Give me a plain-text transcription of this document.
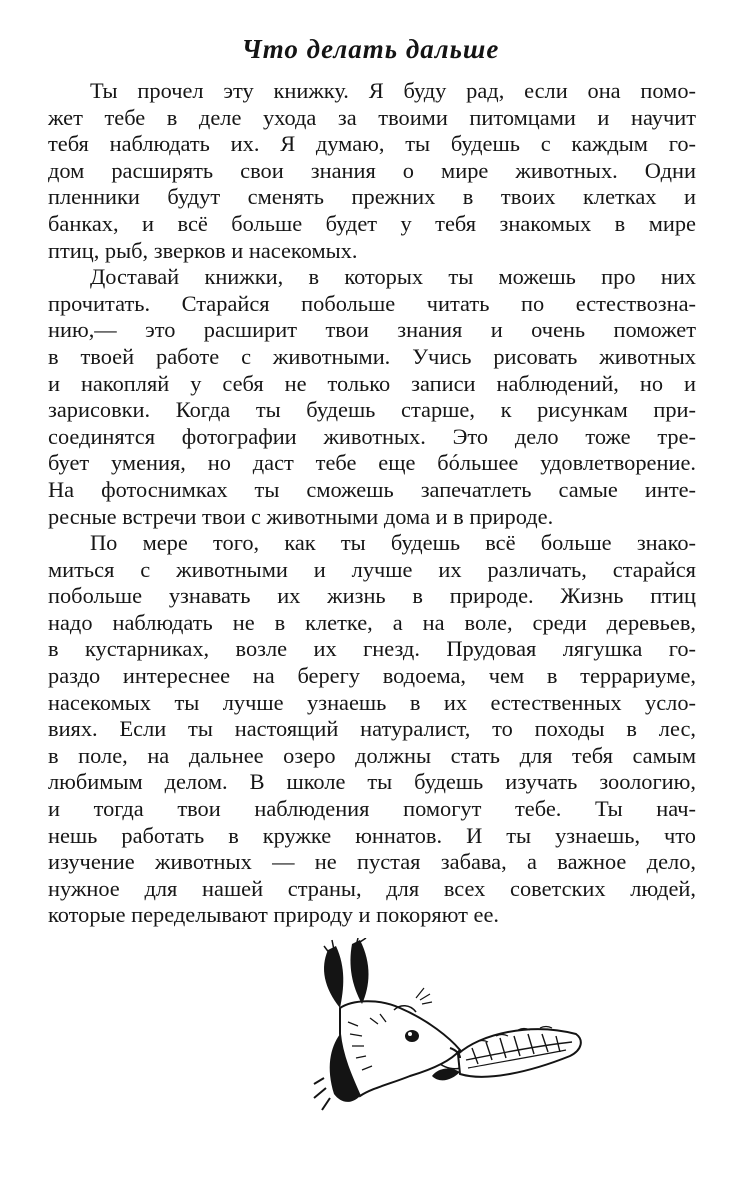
Что делать дальше
Ты прочел эту книжку. Я буду рад, если она помо-
жет тебе в деле ухода за твоими питомцами и научит
тебя наблюдать их. Я думаю, ты будешь с каждым го-
дом расширять свои знания о мире животных. Одни
пленники будут сменять прежних в твоих клетках и
банках, и всё больше будет у тебя знакомых в мире
птиц, рыб, зверков и насекомых.
Доставай книжки, в которых ты можешь про них
прочитать. Старайся побольше читать по естествозна-
нию,— это расширит твои знания и очень поможет
в твоей работе с животными. Учись рисовать животных
и накопляй у себя не только записи наблюдений, но и
зарисовки. Когда ты будешь старше, к рисункам при-
соединятся фотографии животных. Это дело тоже тре-
бует умения, но даст тебе еще бóльшее удовлетворение.
На фотоснимках ты сможешь запечатлеть самые инте-
ресные встречи твои с животными дома и в природе.
По мере того, как ты будешь всё больше знако-
миться с животными и лучше их различать, старайся
побольше узнавать их жизнь в природе. Жизнь птиц
надо наблюдать не в клетке, а на воле, среди деревьев,
в кустарниках, возле их гнезд. Прудовая лягушка го-
раздо интереснее на берегу водоема, чем в террариуме,
насекомых ты лучше узнаешь в их естественных усло-
виях. Если ты настоящий натуралист, то походы в лес,
в поле, на дальнее озеро должны стать для тебя самым
любимым делом. В школе ты будешь изучать зоологию,
и тогда твои наблюдения помогут тебе. Ты нач-
нешь работать в кружке юннатов. И ты узнаешь, что
изучение животных — не пустая забава, а важное дело,
нужное для нашей страны, для всех советских людей,
которые переделывают природу и покоряют ее.
